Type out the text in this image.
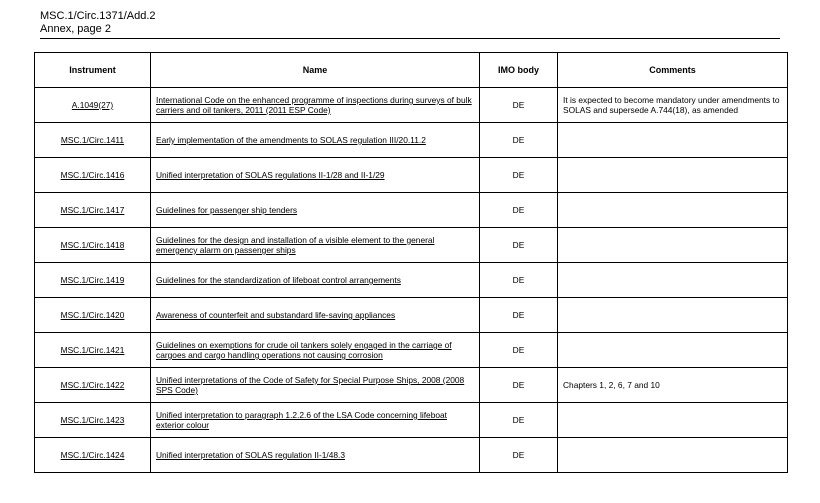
MSC.1/Circ.1371/Add.2
Annex, page 2
Instrument	Name	IMO body	Comments
A.1049(27)	International Code on the enhanced programme of inspections during surveys of bulk carriers and oil tankers, 2011 (2011 ESP Code)	DE	It is expected to become mandatory under amendments to SOLAS and supersede A.744(18), as amended
MSC.1/Circ.1411	Early implementation of the amendments to SOLAS regulation III/20.11.2	DE	
MSC.1/Circ.1416	Unified interpretation of SOLAS regulations II-1/28 and II-1/29	DE	
MSC.1/Circ.1417	Guidelines for passenger ship tenders	DE	
MSC.1/Circ.1418	Guidelines for the design and installation of a visible element to the general emergency alarm on passenger ships	DE	
MSC.1/Circ.1419	Guidelines for the standardization of lifeboat control arrangements	DE	
MSC.1/Circ.1420	Awareness of counterfeit and substandard life-saving appliances	DE	
MSC.1/Circ.1421	Guidelines on exemptions for crude oil tankers solely engaged in the carriage of cargoes and cargo handling operations not causing corrosion	DE	
MSC.1/Circ.1422	Unified interpretations of the Code of Safety for Special Purpose Ships, 2008 (2008 SPS Code)	DE	Chapters 1, 2, 6, 7 and 10
MSC.1/Circ.1423	Unified interpretation to paragraph 1.2.2.6 of the LSA Code concerning lifeboat exterior colour	DE	
MSC.1/Circ.1424	Unified interpretation of SOLAS regulation II-1/48.3	DE	
